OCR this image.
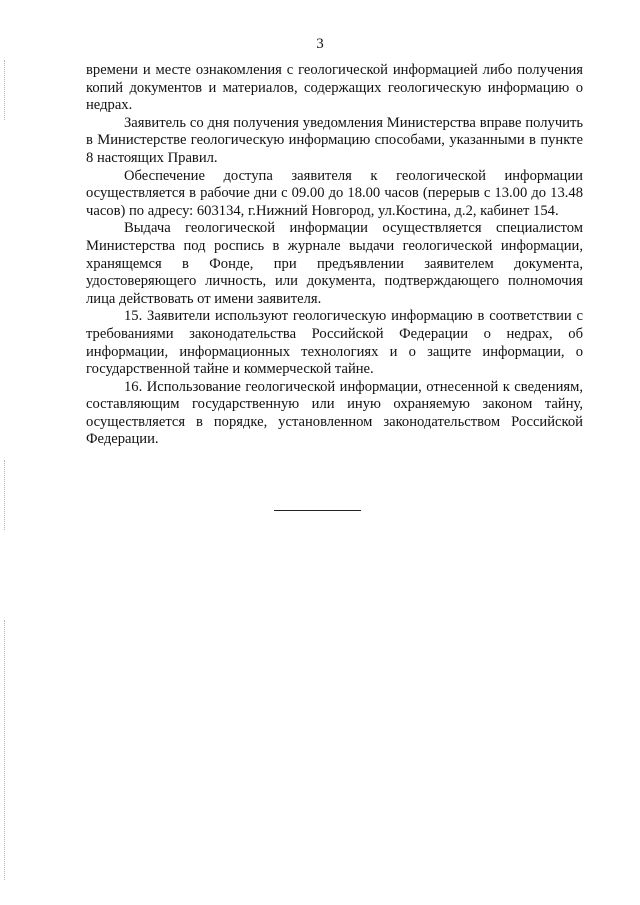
3

времени и месте ознакомления с геологической информацией либо получения копий документов и материалов, содержащих геологическую информацию о недрах.

Заявитель со дня получения уведомления Министерства вправе получить в Министерстве геологическую информацию способами, указанными в пункте 8 настоящих Правил.

Обеспечение доступа заявителя к геологической информации осуществляется в рабочие дни с 09.00 до 18.00 часов (перерыв с 13.00 до 13.48 часов) по адресу: 603134, г.Нижний Новгород, ул.Костина, д.2, кабинет 154.

Выдача геологической информации осуществляется специалистом Министерства под роспись в журнале выдачи геологической информации, хранящемся в Фонде, при предъявлении заявителем документа, удостоверяющего личность, или документа, подтверждающего полномочия лица действовать от имени заявителя.

15. Заявители используют геологическую информацию в соответствии с требованиями законодательства Российской Федерации о недрах, об информации, информационных технологиях и о защите информации, о государственной тайне и коммерческой тайне.

16. Использование геологической информации, отнесенной к сведениям, составляющим государственную или иную охраняемую законом тайну, осуществляется в порядке, установленном законодательством Российской Федерации.
